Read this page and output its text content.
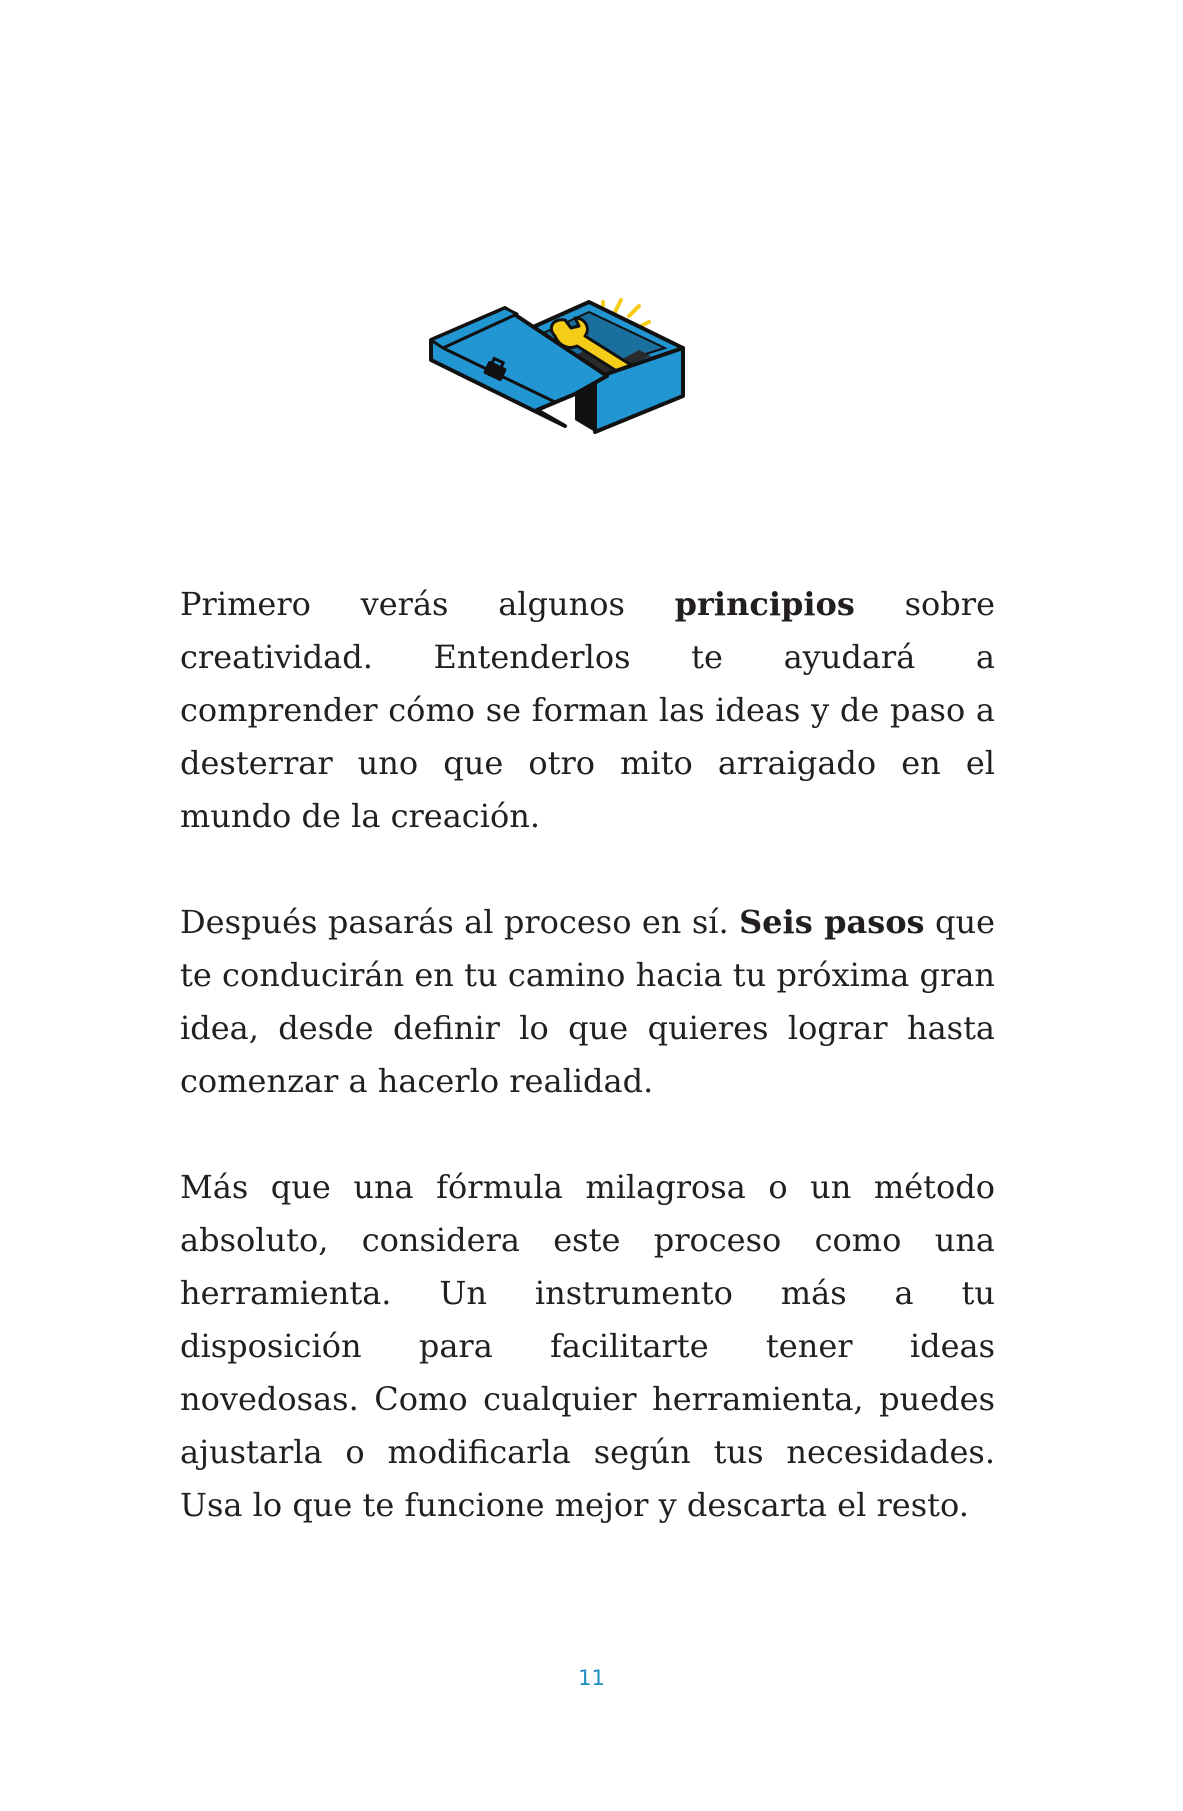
Primero verás algunos principios sobre creatividad. Entenderlos te ayudará a comprender cómo se forman las ideas y de paso a desterrar uno que otro mito arraigado en el mundo de la creación.

Después pasarás al proceso en sí. Seis pasos que te conducirán en tu camino hacia tu próxima gran idea, desde definir lo que quieres lograr hasta comenzar a hacerlo realidad.

Más que una fórmula milagrosa o un método absoluto, considera este proceso como una herramienta. Un instrumento más a tu disposición para facilitarte tener ideas novedosas. Como cualquier herramienta, puedes ajustarla o modificarla según tus necesidades. Usa lo que te funcione mejor y descarta el resto.

11
